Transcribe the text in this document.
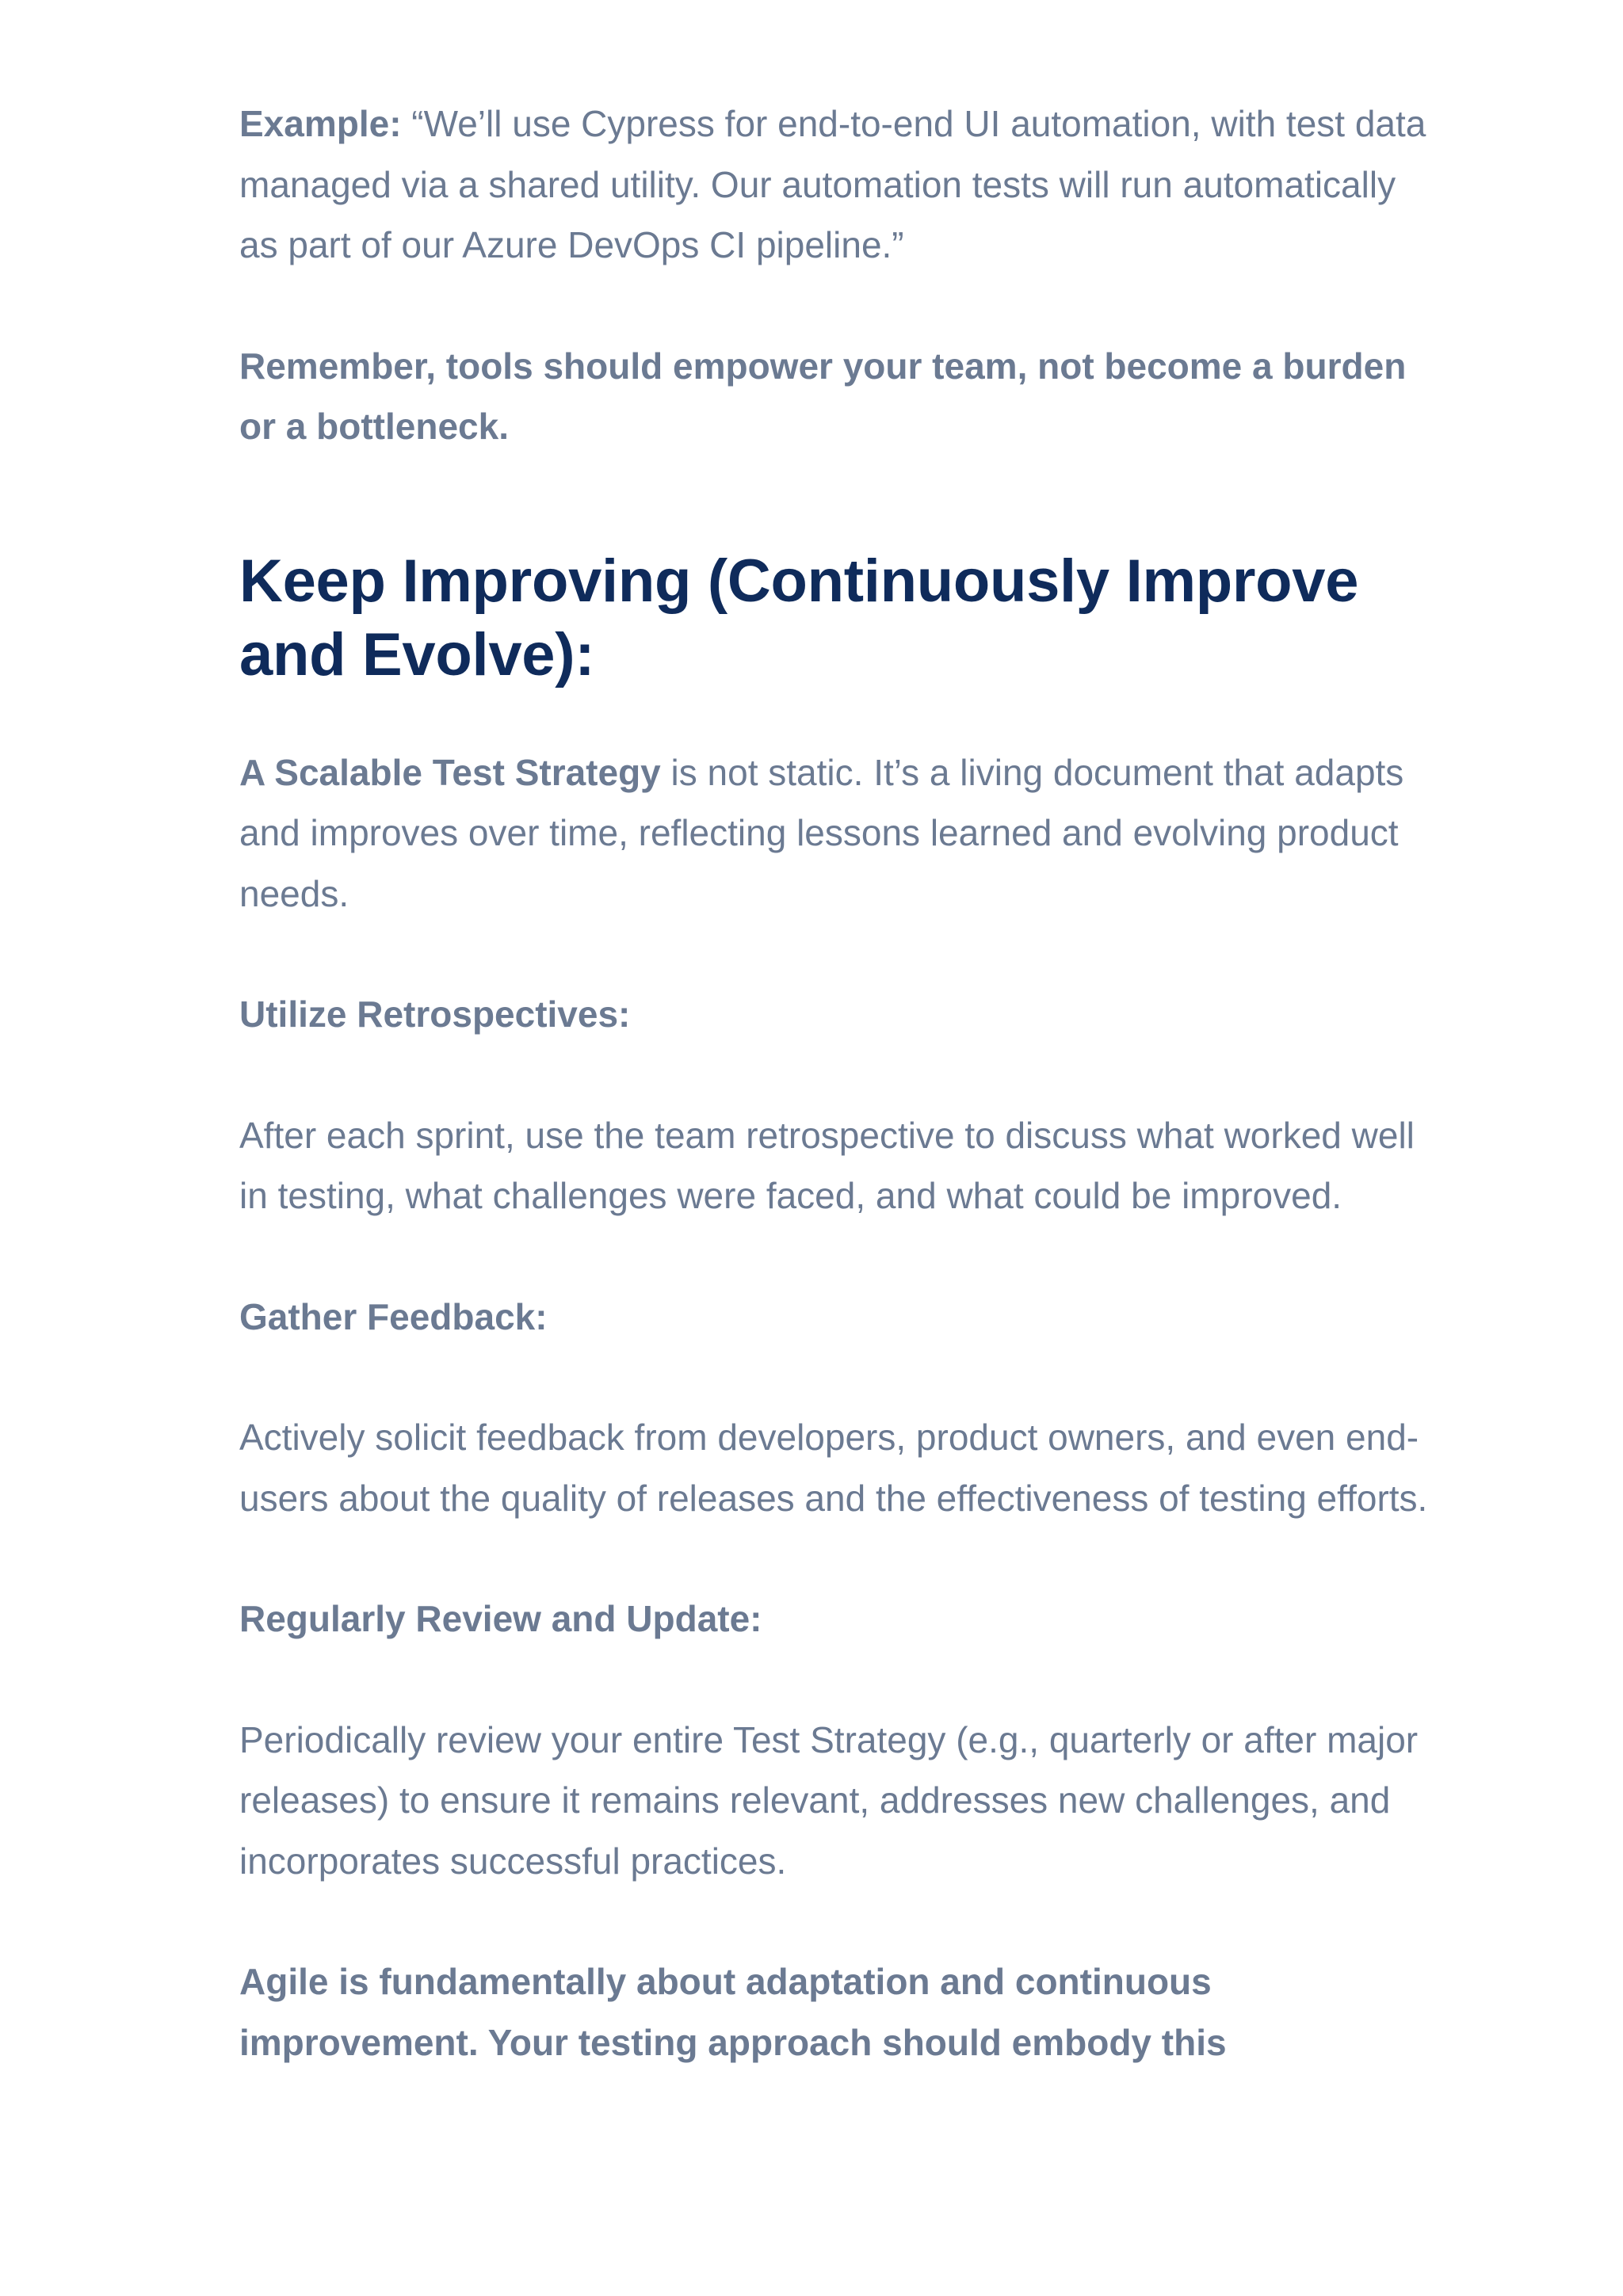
Example: “We’ll use Cypress for end-to-end UI automation, with test data managed via a shared utility. Our automation tests will run automatically as part of our Azure DevOps CI pipeline.”

Remember, tools should empower your team, not become a burden or a bottleneck.

Keep Improving (Continuously Improve and Evolve):

A Scalable Test Strategy is not static. It’s a living document that adapts and improves over time, reflecting lessons learned and evolving product needs.

Utilize Retrospectives:

After each sprint, use the team retrospective to discuss what worked well in testing, what challenges were faced, and what could be improved.

Gather Feedback:

Actively solicit feedback from developers, product owners, and even end-users about the quality of releases and the effectiveness of testing efforts.

Regularly Review and Update:

Periodically review your entire Test Strategy (e.g., quarterly or after major releases) to ensure it remains relevant, addresses new challenges, and incorporates successful practices.

Agile is fundamentally about adaptation and continuous improvement. Your testing approach should embody this
